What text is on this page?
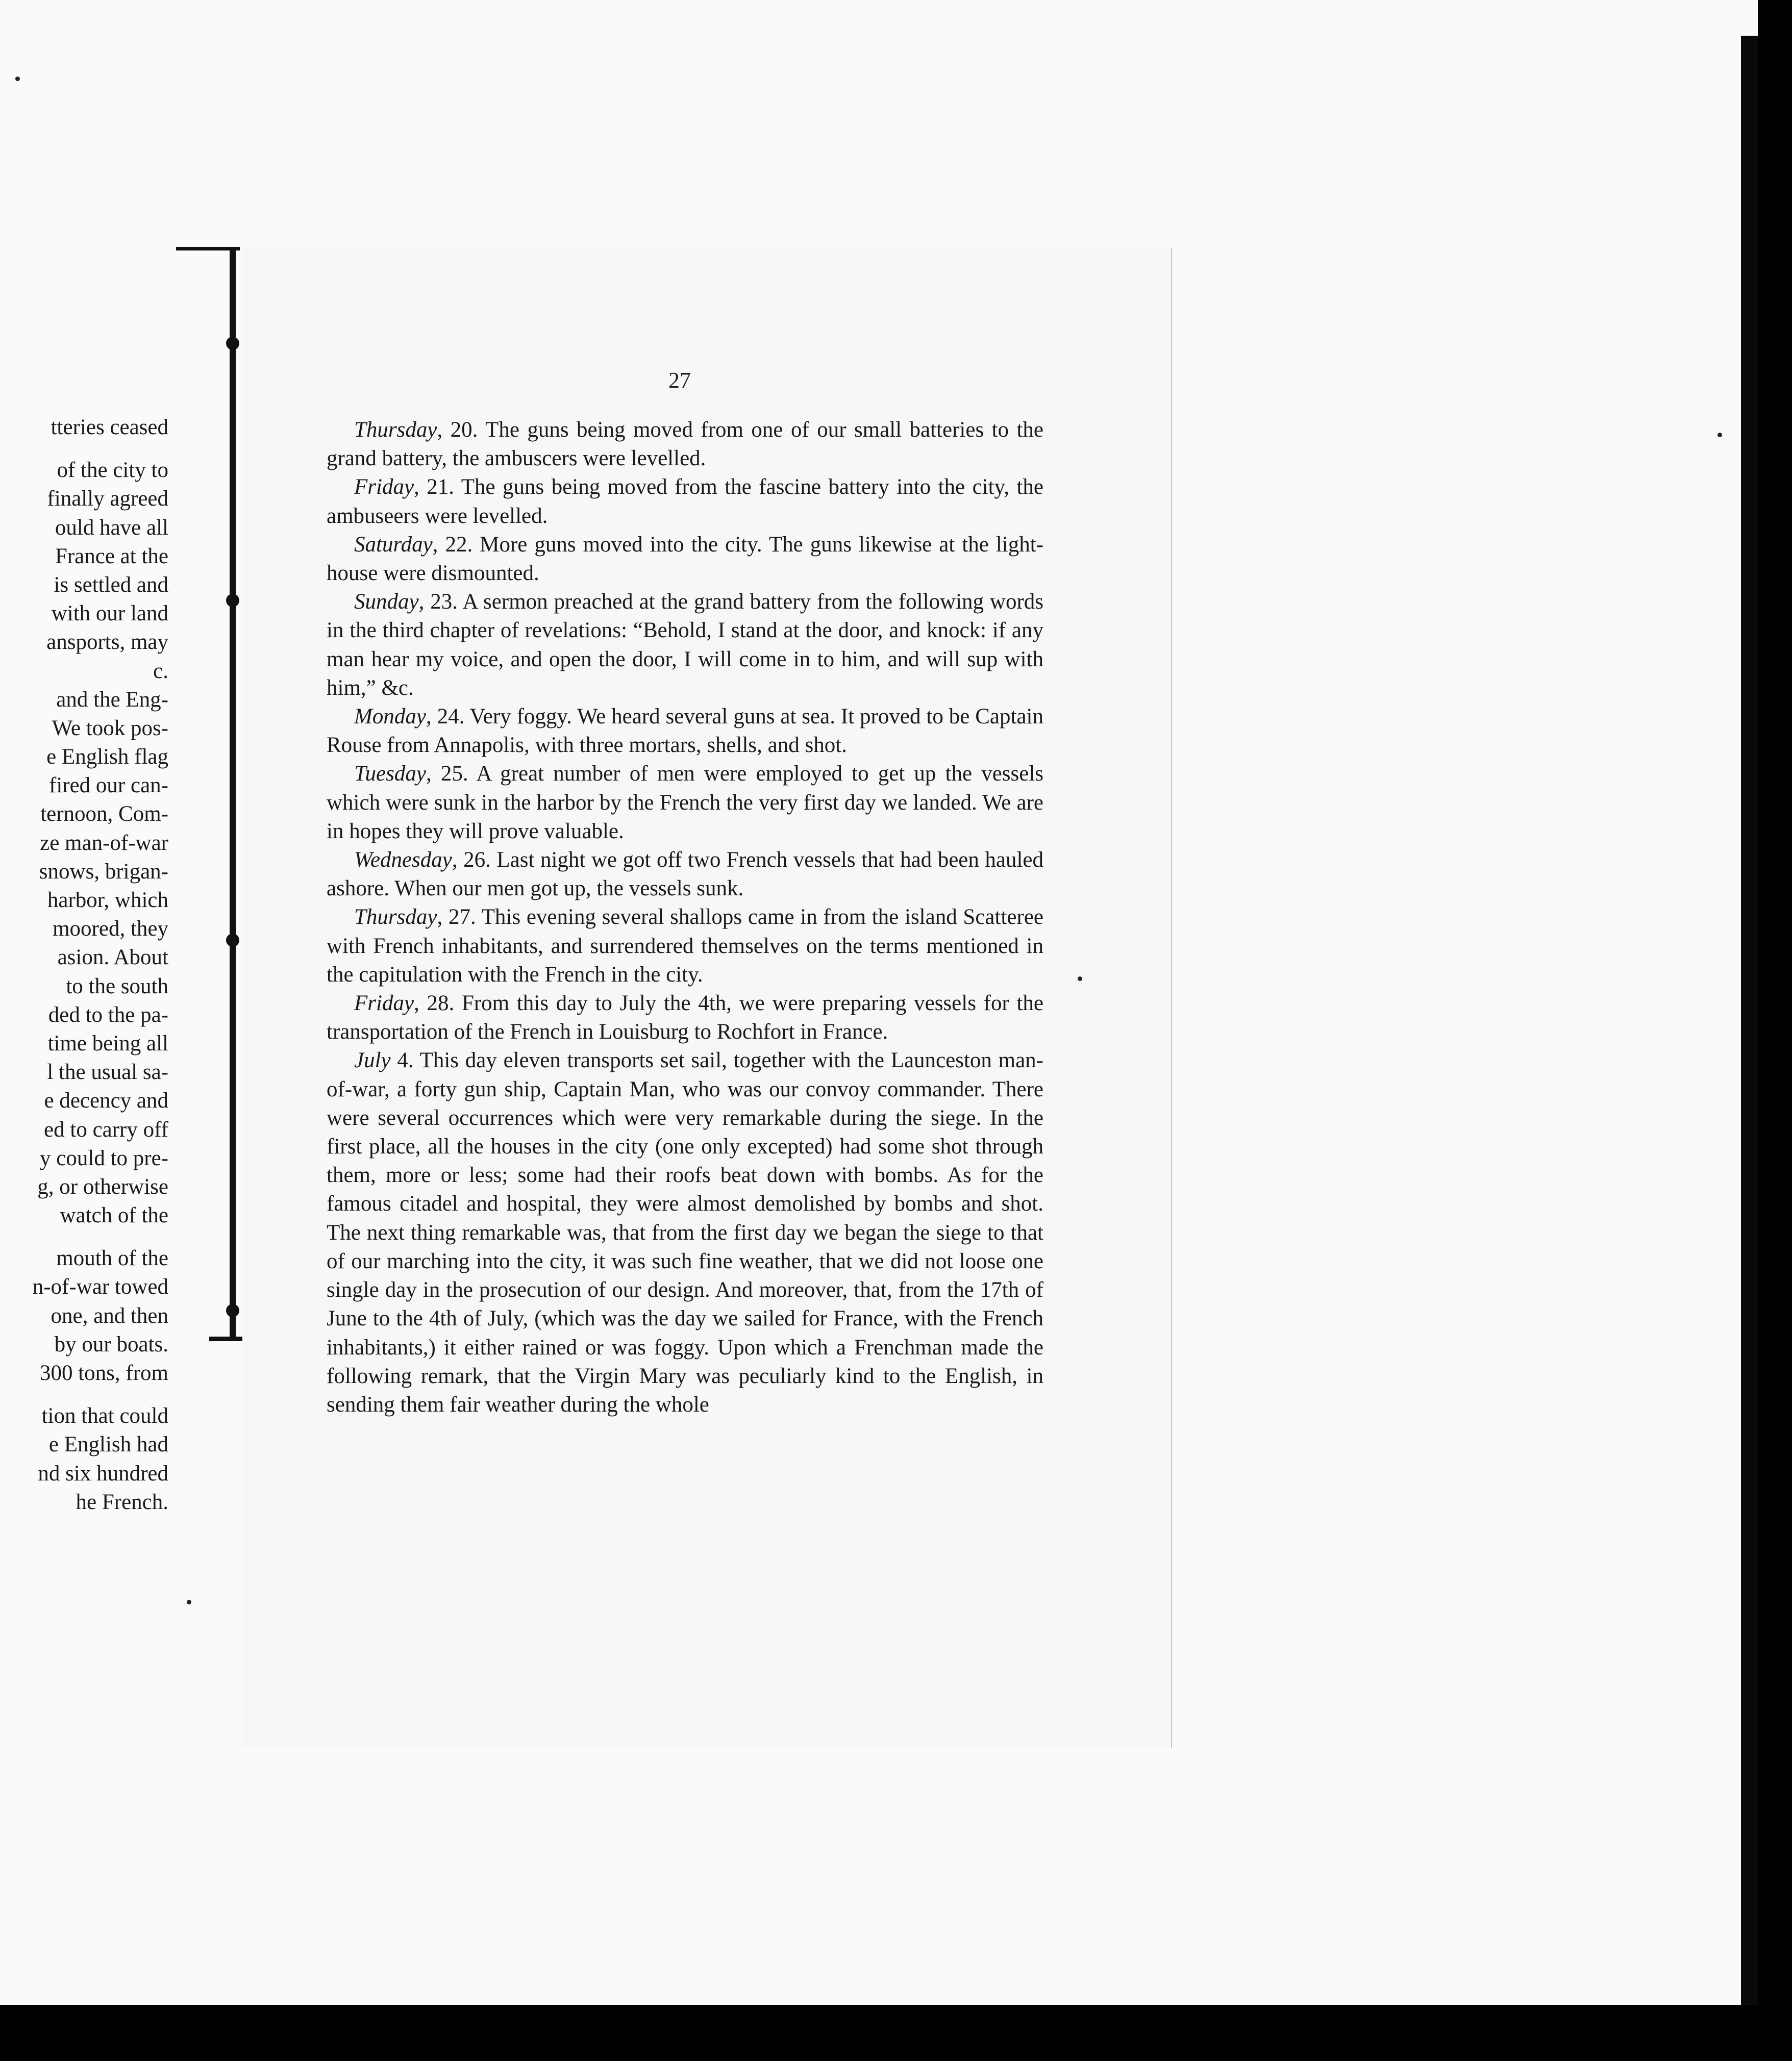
tteries ceased
of the city to
finally agreed
ould have all
France at the
is settled and
with our land
ansports, may
c.
and the Eng-
We took pos-
e English flag
fired our can-
ternoon, Com-
ze man-of-war
snows, brigan-
harbor, which
moored, they
asion. About
to the south
ded to the pa-
time being all
l the usual sa-
e decency and
ed to carry off
y could to pre-
g, or otherwise
watch of the
mouth of the
n-of-war towed
one, and then
by our boats.
300 tons, from
tion that could
e English had
nd six hundred
he French.
27

Thursday, 20. The guns being moved from one of our small batteries to the grand battery, the ambuscers were levelled.

Friday, 21. The guns being moved from the fascine battery into the city, the ambuseers were levelled.

Saturday, 22. More guns moved into the city. The guns likewise at the light-house were dismounted.

Sunday, 23. A sermon preached at the grand battery from the following words in the third chapter of revelations: “Behold, I stand at the door, and knock: if any man hear my voice, and open the door, I will come in to him, and will sup with him,” &c.

Monday, 24. Very foggy. We heard several guns at sea. It proved to be Captain Rouse from Annapolis, with three mortars, shells, and shot.

Tuesday, 25. A great number of men were employed to get up the vessels which were sunk in the harbor by the French the very first day we landed. We are in hopes they will prove valuable.

Wednesday, 26. Last night we got off two French vessels that had been hauled ashore. When our men got up, the vessels sunk.

Thursday, 27. This evening several shallops came in from the island Scatteree with French inhabitants, and surrendered themselves on the terms mentioned in the capitulation with the French in the city.

Friday, 28. From this day to July the 4th, we were preparing vessels for the transportation of the French in Louisburg to Rochfort in France.

July 4. This day eleven transports set sail, together with the Launceston man-of-war, a forty gun ship, Captain Man, who was our convoy commander. There were several occurrences which were very remarkable during the siege. In the first place, all the houses in the city (one only excepted) had some shot through them, more or less; some had their roofs beat down with bombs. As for the famous citadel and hospital, they were almost demolished by bombs and shot. The next thing remarkable was, that from the first day we began the siege to that of our marching into the city, it was such fine weather, that we did not loose one single day in the prosecution of our design. And moreover, that, from the 17th of June to the 4th of July, (which was the day we sailed for France, with the French inhabitants,) it either rained or was foggy. Upon which a Frenchman made the following remark, that the Virgin Mary was peculiarly kind to the English, in sending them fair weather during the whole
